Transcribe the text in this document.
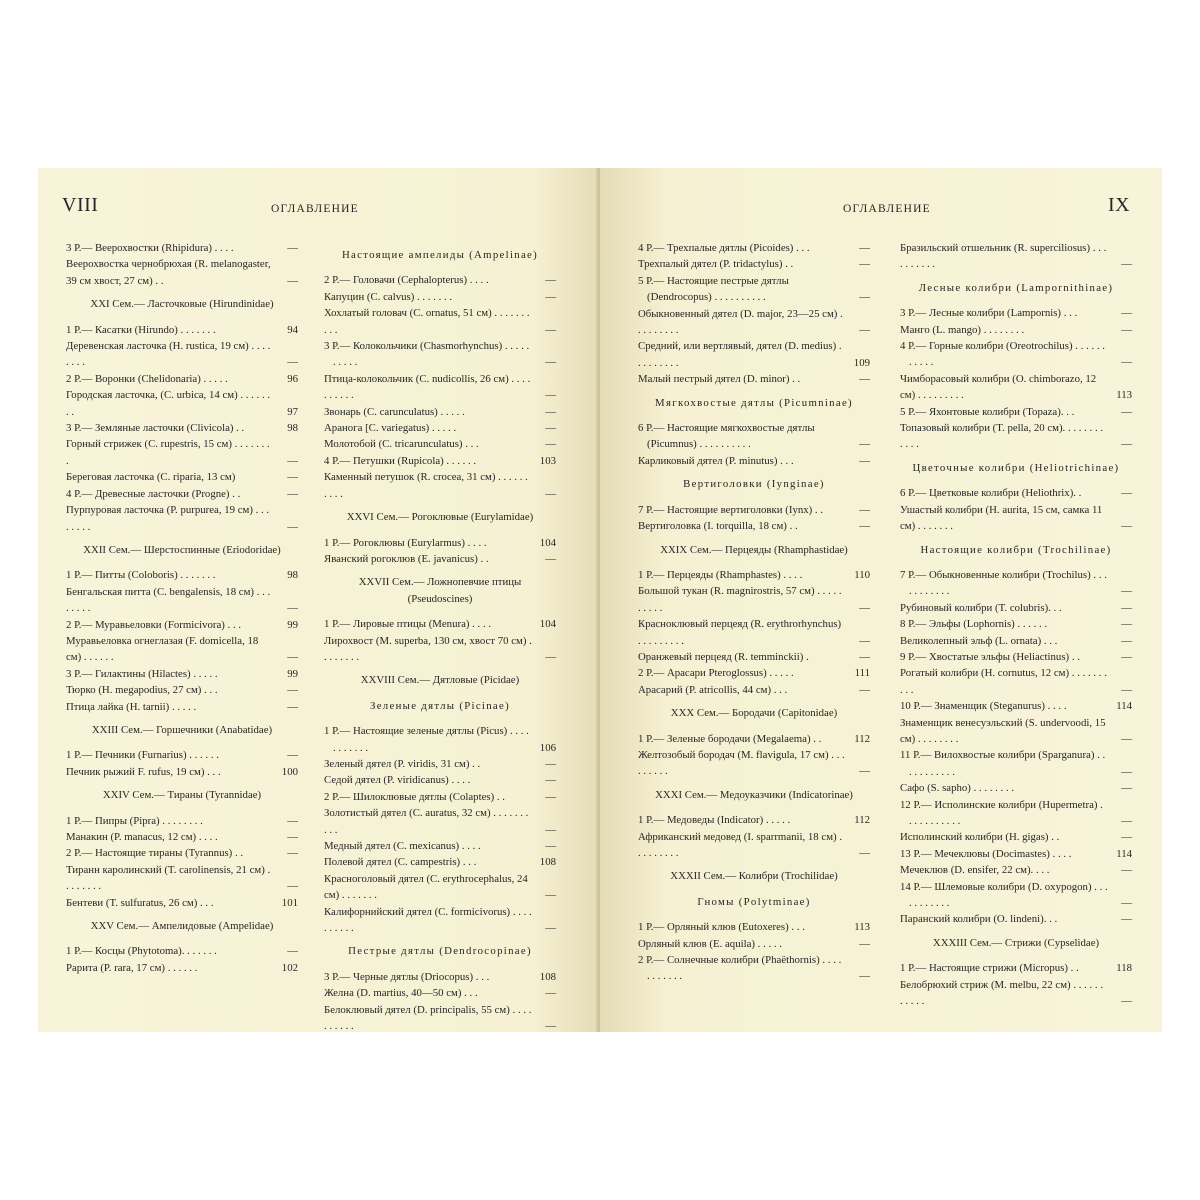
VIII	ОГЛАВЛЕНИЕ
3 Р.— Веерохвостки (Rhipidura) . . . .	—
Веерохвостка чернобрюхая (R. melanogaster, 39 см хвост, 27 см) . .	—
XXI Сем.— Ласточковые (Hirundinidae)
1 Р.— Касатки (Hirundo) . . . . . . .	94
Деревенская ласточка (H. rustica, 19 см) . . . . . . . .	—
2 Р.— Воронки (Chelidonaria) . . . . .	96
Городская ласточка, (C. urbica, 14 см) . . . . . . . .	97
3 Р.— Земляные ласточки (Clivicola) . .	98
Горный стрижек (C. rupestris, 15 см) . . . . . . . .	—
Береговая ласточка (C. riparia, 13 см)	—
4 Р.— Древесные ласточки (Progne) . .	—
Пурпуровая ласточка (P. purpurea, 19 см) . . . . . . . .	—
XXII Сем.— Шерстоспинные (Eriodoridae)
1 Р.— Питты (Coloboris) . . . . . . .	98
Бенгальская питта (C. bengalensis, 18 см) . . . . . . . .	—
2 Р.— Муравьеловки (Formicivora) . . .	99
Муравьеловка огнеглазая (F. domicella, 18 см) . . . . . .	—
3 Р.— Гилактины (Hilactes) . . . . .	99
Тюрко (H. megapodius, 27 см) . . .	—
Птица лайка (H. tarnii) . . . . .	—
XXIII Сем.— Горшечники (Anabatidae)
1 Р.— Печники (Furnarius) . . . . . .	—
Печник рыжий F. rufus, 19 см) . . .	100
XXIV Сем.— Тираны (Tyrannidae)
1 Р.— Пипры (Pipra) . . . . . . . .	—
Манакин (P. manacus, 12 см) . . . .	—
2 Р.— Настоящие тираны (Tyrannus) . .	—
Тиранн каролинский (T. carolinensis, 21 см) . . . . . . . .	—
Бентеви (T. sulfuratus, 26 см) . . .	101
XXV Сем.— Ампелидовые (Ampelidae)
1 Р.— Косцы (Phytotoma). . . . . . .	—
Рарита (P. rara, 17 см) . . . . . .	102
Настоящие ампелиды (Ampelinae)
2 Р.— Головачи (Cephalopterus) . . . .	—
Капуцин (C. calvus) . . . . . . .	—
Хохлатый головач (C. ornatus, 51 см) . . . . . . . . . .	—
3 Р.— Колокольчики (Chasmorhynchus) . . . . . . . . . .	—
Птица-колокольчик (C. nudicollis, 26 см) . . . . . . . . . .	—
Звонарь (C. carunculatus) . . . . .	—
Аранога [C. variegatus) . . . . .	—
Молотобой (C. tricarunculatus) . . .	—
4 Р.— Петушки (Rupicola) . . . . . .	103
Каменный петушок (R. crocea, 31 см) . . . . . . . . . .	—
XXVI Сем.— Рогоклювые (Eurylamidae)
1 Р.— Рогоклювы (Eurylarmus) . . . .	104
Яванский рогоклюв (E. javanicus) . .	—
XXVII Сем.— Ложнопевчие птицы (Pseudoscines)
1 Р.— Лировые птицы (Menura) . . . .	104
Лирохвост (M. superba, 130 см, хвост 70 см) . . . . . . . .	—
XXVIII Сем.— Дятловые (Picidae)
Зеленые дятлы (Picinae)
1 Р.— Настоящие зеленые дятлы (Picus) . . . . . . . . . . .	106
Зеленый дятел (P. viridis, 31 см) . .	—
Седой дятел (P. viridicanus) . . . .	—
2 Р.— Шилоклювые дятлы (Colaptes) . .	—
Золотистый дятел (C. auratus, 32 см) . . . . . . . . . .	—
Медный дятел (C. mexicanus) . . . .	—
Полевой дятел (C. campestris) . . .	108
Красноголовый дятел (C. erythrocephalus, 24 см) . . . . . . .	—
Калифорнийский дятел (C. formicivorus) . . . . . . . . . .	—
Пестрые дятлы (Dendrocopinae)
3 Р.— Черные дятлы (Driocopus) . . .	108
Желна (D. martius, 40—50 см) . . .	—
Белоклювый дятел (D. principalis, 55 см) . . . . . . . . . .	—
ОГЛАВЛЕНИЕ	IX
4 Р.— Трехпалые дятлы (Picoides) . . .	—
Трехпалый дятел (P. tridactylus) . .	—
5 Р.— Настоящие пестрые дятлы (Dendrocopus) . . . . . . . . . .	—
Обыкновенный дятел (D. major, 23—25 см) . . . . . . . . .	—
Средний, или вертлявый, дятел (D. medius) . . . . . . . . .	109
Малый пестрый дятел (D. minor) . .	—
Мягкохвостые дятлы (Picumninae)
6 Р.— Настоящие мягкохвостые дятлы (Picumnus) . . . . . . . . . .	—
Карликовый дятел (P. minutus) . . .	—
Вертиголовки (Iynginae)
7 Р.— Настоящие вертиголовки (Iynx) . .	—
Вертиголовка (I. torquilla, 18 см) . .	—
XXIX Сем.— Перцеяды (Rhamphastidae)
1 Р.— Перцеяды (Rhamphastes) . . . .	110
Большой тукан (R. magnirostris, 57 см) . . . . . . . . . .	—
Красноклювый перцеяд (R. erythrorhynchus) . . . . . . . . .	—
Оранжевый перцеяд (R. temminckii) .	—
2 Р.— Арасари Pteroglossus) . . . . .	111
Арасарий (P. atricollis, 44 см) . . .	—
XXX Сем.— Бородачи (Capitonidae)
1 Р.— Зеленые бородачи (Megalaema) . .	112
Желтозобый бородач (M. flavigula, 17 см) . . . . . . . . .	—
XXXI Сем.— Медоуказчики (Indicatorinae)
1 Р.— Медоведы (Indicator) . . . . .	112
Африканский медовед (I. sparrmanii, 18 см) . . . . . . . . .	—
XXXII Сем.— Колибри (Trochilidae)
Гномы (Polytminae)
1 Р.— Орляный клюв (Eutoxeres) . . .	113
Орляный клюв (E. aquila) . . . . .	—
2 Р.— Солнечные колибри (Phaëthornis) . . . . . . . . . . .	—
Бразильский отшельник (R. superciliosus) . . . . . . . . . .	—
Лесные колибри (Lampornithinae)
3 Р.— Лесные колибри (Lampornis) . . .	—
Манго (L. mango) . . . . . . . .	—
4 Р.— Горные колибри (Oreotrochilus) . . . . . . . . . . .	—
Чимборасовый колибри (O. chimborazo, 12 см) . . . . . . . . .	113
5 Р.— Яхонтовые колибри (Topaza). . .	—
Топазовый колибри (T. pella, 20 см). . . . . . . . . . . .	—
Цветочные колибри (Heliotrichinae)
6 Р.— Цветковые колибри (Heliothrix). .	—
Ушастый колибри (H. aurita, 15 см, самка 11 см) . . . . . . .	—
Настоящие колибри (Trochilinae)
7 Р.— Обыкновенные колибри (Trochilus) . . . . . . . . . . .	—
Рубиновый колибри (T. colubris). . .	—
8 Р.— Эльфы (Lophornis) . . . . . .	—
Великолепный эльф (L. ornata) . . .	—
9 Р.— Хвостатые эльфы (Heliactinus) . .	—
Рогатый колибри (H. cornutus, 12 см) . . . . . . . . . .	—
10 Р.— Знаменщик (Steganurus) . . . .	114
Знаменщик венесуэльский (S. undervoodi, 15 см) . . . . . . . .	—
11 Р.— Вилохвостые колибри (Sparganura) . . . . . . . . . . .	—
Сафо (S. sapho) . . . . . . . .	—
12 Р.— Исполинские колибри (Hupermetra) . . . . . . . . . . .	—
Исполинский колибри (H. gigas) . .	—
13 Р.— Мечеклювы (Docimastes) . . . .	114
Мечеклюв (D. ensifer, 22 см). . . .	—
14 Р.— Шлемовые колибри (D. oxypogon) . . . . . . . . . . .	—
Паранский колибри (O. lindeni). . .	—
XXXIII Сем.— Стрижи (Cypselidae)
1 Р.— Настоящие стрижи (Micropus) . .	118
Белобрюхий стриж (M. melbu, 22 см) . . . . . . . . . . .	—
